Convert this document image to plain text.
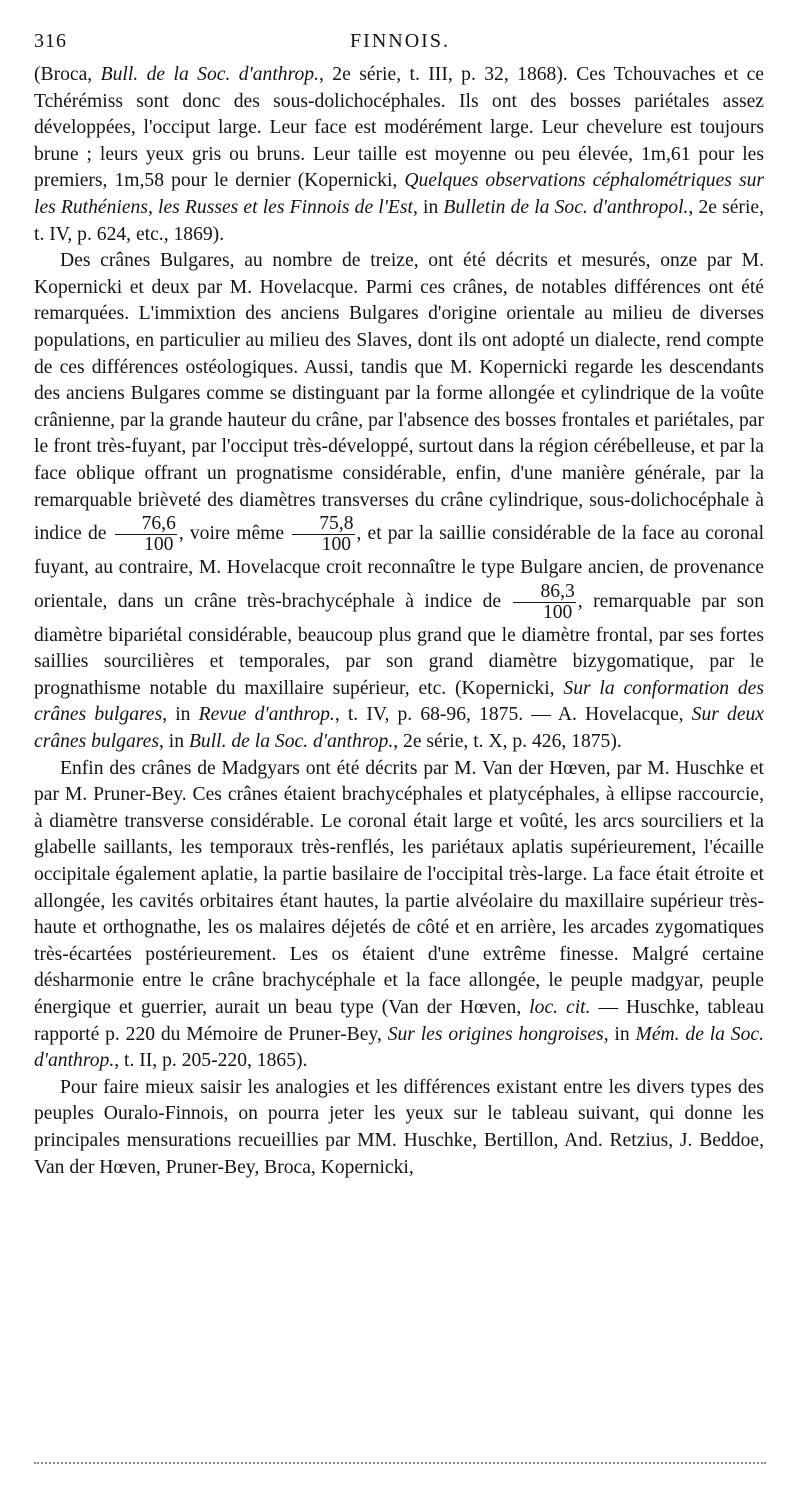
316	FINNOIS.

(Broca, Bull. de la Soc. d'anthrop., 2e série, t. III, p. 32, 1868). Ces Tchouvaches et ce Tchérémiss sont donc des sous-dolichocéphales. Ils ont des bosses pariétales assez développées, l'occiput large. Leur face est modérément large. Leur chevelure est toujours brune ; leurs yeux gris ou bruns. Leur taille est moyenne ou peu élevée, 1m,61 pour les premiers, 1m,58 pour le dernier (Kopernicki, Quelques observations céphalométriques sur les Ruthéniens, les Russes et les Finnois de l'Est, in Bulletin de la Soc. d'anthropol., 2e série, t. IV, p. 624, etc., 1869).

Des crânes Bulgares, au nombre de treize, ont été décrits et mesurés, onze par M. Kopernicki et deux par M. Hovelacque. Parmi ces crânes, de notables différences ont été remarquées. L'immixtion des anciens Bulgares d'origine orientale au milieu de diverses populations, en particulier au milieu des Slaves, dont ils ont adopté un dialecte, rend compte de ces différences ostéologiques. Aussi, tandis que M. Kopernicki regarde les descendants des anciens Bulgares comme se distinguant par la forme allongée et cylindrique de la voûte crânienne, par la grande hauteur du crâne, par l'absence des bosses frontales et pariétales, par le front très-fuyant, par l'occiput très-développé, surtout dans la région cérébelleuse, et par la face oblique offrant un prognatisme considérable, enfin, d'une manière générale, par la remarquable brièveté des diamètres transverses du crâne cylindrique, sous-dolichocéphale à indice de $\frac{76,6}{100}$ , voire même $\frac{75,8}{100}$ , et par la saillie considérable de la face au coronal fuyant, au contraire, M. Hovelacque croit reconnaître le type Bulgare ancien, de provenance orientale, dans un crâne très-brachycéphale à indice de $\frac{86,3}{100}$ , remarquable par son diamètre bipariétal considérable, beaucoup plus grand que le diamètre frontal, par ses fortes saillies sourcilières et temporales, par son grand diamètre bizygomatique, par le prognathisme notable du maxillaire supérieur, etc. (Kopernicki, Sur la conformation des crânes bulgares, in Revue d'anthrop., t. IV, p. 68-96, 1875. — A. Hovelacque, Sur deux crânes bulgares, in Bull. de la Soc. d'anthrop., 2e série, t. X, p. 426, 1875).

Enfin des crânes de Madgyars ont été décrits par M. Van der Hœven, par M. Huschke et par M. Pruner-Bey. Ces crânes étaient brachycéphales et platycéphales, à ellipse raccourcie, à diamètre transverse considérable. Le coronal était large et voûté, les arcs sourciliers et la glabelle saillants, les temporaux très-renflés, les pariétaux aplatis supérieurement, l'écaille occipitale également aplatie, la partie basilaire de l'occipital très-large. La face était étroite et allongée, les cavités orbitaires étant hautes, la partie alvéolaire du maxillaire supérieur très-haute et orthognathe, les os malaires déjetés de côté et en arrière, les arcades zygomatiques très-écartées postérieurement. Les os étaient d'une extrême finesse. Malgré certaine désharmonie entre le crâne brachycéphale et la face allongée, le peuple madgyar, peuple énergique et guerrier, aurait un beau type (Van der Hœven, loc. cit. — Huschke, tableau rapporté p. 220 du Mémoire de Pruner-Bey, Sur les origines hongroises, in Mém. de la Soc. d'anthrop., t. II, p. 205-220, 1865).

Pour faire mieux saisir les analogies et les différences existant entre les divers types des peuples Ouralo-Finnois, on pourra jeter les yeux sur le tableau suivant, qui donne les principales mensurations recueillies par MM. Huschke, Bertillon, And. Retzius, J. Beddoe, Van der Hœven, Pruner-Bey, Broca, Kopernicki,
